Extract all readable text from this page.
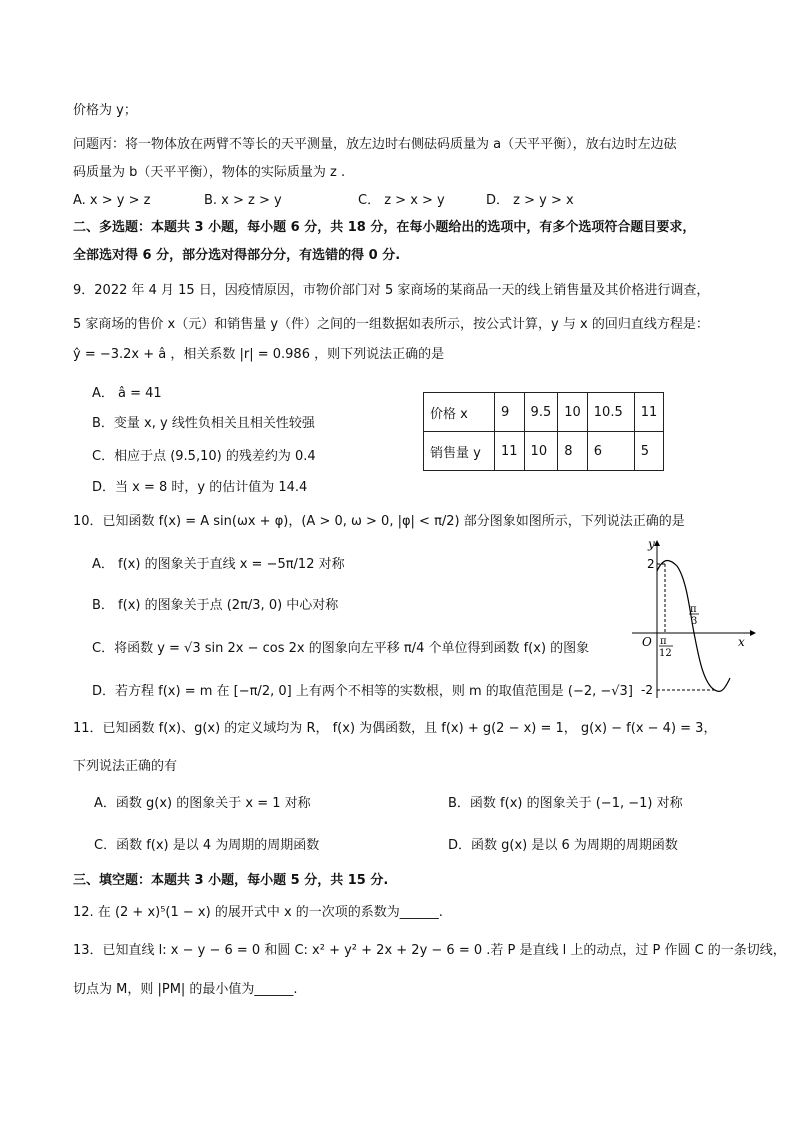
价格为 y；
问题丙：将一物体放在两臂不等长的天平测量，放左边时右侧砝码质量为 a（天平平衡），放右边时左边砝
码质量为 b（天平平衡），物体的实际质量为 z .
A. x > y > z	B. x > z > y	C． z > x > y	D． z > y > x
二、多选题：本题共 3 小题，每小题 6 分，共 18 分，在每小题给出的选项中，有多个选项符合题目要求，
全部选对得 6 分，部分选对得部分分，有选错的得 0 分.
9．2022 年 4 月 15 日，因疫情原因，市物价部门对 5 家商场的某商品一天的线上销售量及其价格进行调查，
5 家商场的售价 x（元）和销售量 y（件）之间的一组数据如表所示，按公式计算，y 与 x 的回归直线方程是：
ŷ = −3.2x + â ，相关系数 |r| = 0.986 ，则下列说法正确的是
A． â = 41
B．变量 x, y 线性负相关且相关性较强
C．相应于点 (9.5,10) 的残差约为 0.4
D．当 x = 8 时，y 的估计值为 14.4
价格 x	9	9.5	10	10.5	11
销售量 y	11	10	8	6	5
10．已知函数 f(x) = A sin(ωx + φ)，(A > 0, ω > 0, |φ| < π/2) 部分图象如图所示，下列说法正确的是
A． f(x) 的图象关于直线 x = −5π/12 对称
B． f(x) 的图象关于点 (2π/3, 0) 中心对称
C．将函数 y = √3 sin 2x − cos 2x 的图象向左平移 π/4 个单位得到函数 f(x) 的图象
D．若方程 f(x) = m 在 [−π/2, 0] 上有两个不相等的实数根，则 m 的取值范围是 (−2, −√3]
y
x
O
2
-2
π
12
π
3
11．已知函数 f(x)、g(x) 的定义域均为 R， f(x) 为偶函数，且 f(x) + g(2 − x) = 1， g(x) − f(x − 4) = 3，
下列说法正确的有
A．函数 g(x) 的图象关于 x = 1 对称	B．函数 f(x) 的图象关于 (−1, −1) 对称
C．函数 f(x) 是以 4 为周期的周期函数	D．函数 g(x) 是以 6 为周期的周期函数
三、填空题：本题共 3 小题，每小题 5 分，共 15 分.
12. 在 (2 + x)⁵(1 − x) 的展开式中 x 的一次项的系数为______.
13．已知直线 l: x − y − 6 = 0 和圆 C: x² + y² + 2x + 2y − 6 = 0 .若 P 是直线 l 上的动点，过 P 作圆 C 的一条切线，
切点为 M，则 |PM| 的最小值为______.
